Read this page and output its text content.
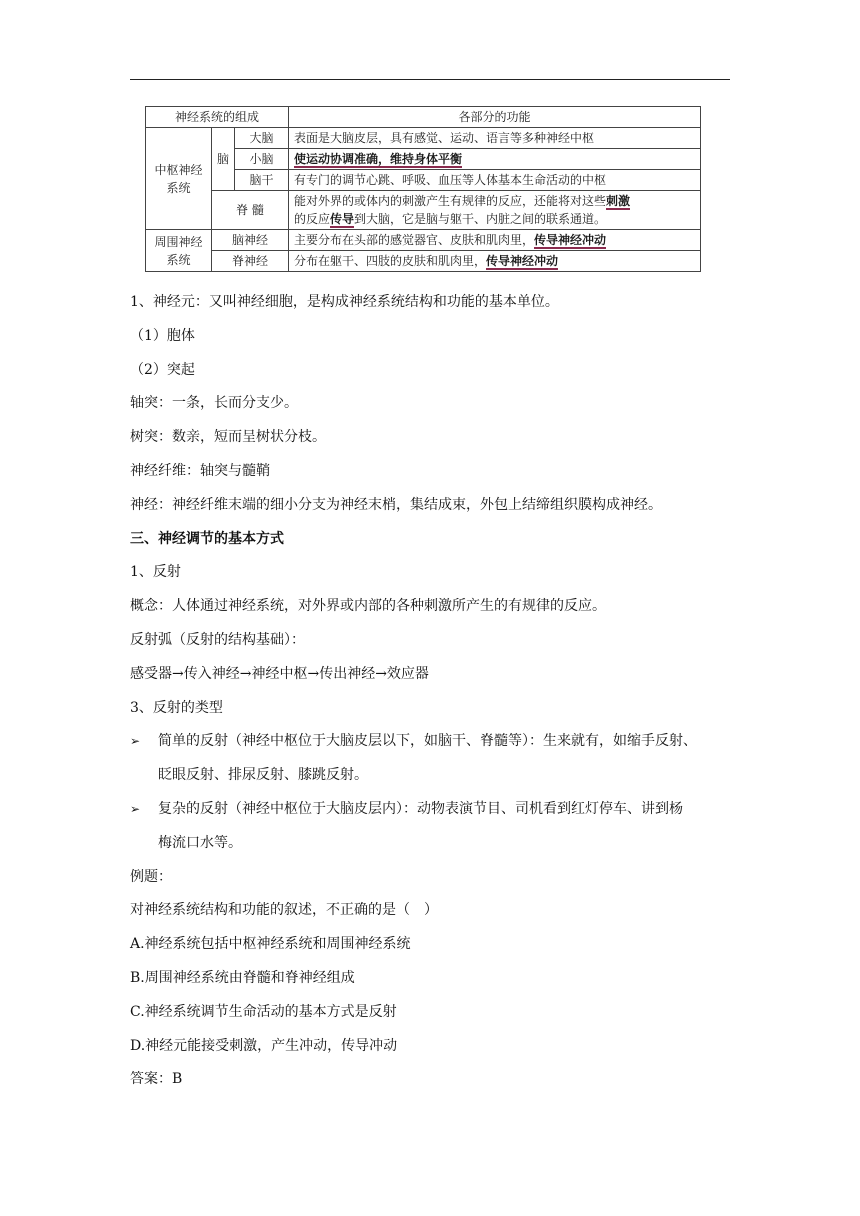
神经系统的组成			各部分的功能
中枢神经系统	脑	大脑	表面是大脑皮层，具有感觉、运动、语言等多种神经中枢
		小脑	使运动协调准确，维持身体平衡
		脑干	有专门的调节心跳、呼吸、血压等人体基本生命活动的中枢
	脊 髓		能对外界的或体内的刺激产生有规律的反应，还能将对这些刺激
的反应传导到大脑，它是脑与躯干、内脏之间的联系通道。
周围神经系统	脑神经		主要分布在头部的感觉器官、皮肤和肌肉里，传导神经冲动
	脊神经		分布在躯干、四肢的皮肤和肌肉里，传导神经冲动

1、神经元：又叫神经细胞，是构成神经系统结构和功能的基本单位。

（1）胞体

（2）突起

轴突：一条，长而分支少。

树突：数亲，短而呈树状分枝。

神经纤维：轴突与髓鞘

神经：神经纤维末端的细小分支为神经末梢，集结成束，外包上结缔组织膜构成神经。

三、神经调节的基本方式

1、反射

概念：人体通过神经系统，对外界或内部的各种刺激所产生的有规律的反应。

反射弧（反射的结构基础）：

感受器→传入神经→神经中枢→传出神经→效应器

3、反射的类型

➢ 简单的反射（神经中枢位于大脑皮层以下，如脑干、脊髓等）：生来就有，如缩手反射、

眨眼反射、排尿反射、膝跳反射。

➢ 复杂的反射（神经中枢位于大脑皮层内）：动物表演节目、司机看到红灯停车、讲到杨

梅流口水等。

例题：

对神经系统结构和功能的叙述，不正确的是（　）

A.神经系统包括中枢神经系统和周围神经系统

B.周围神经系统由脊髓和脊神经组成

C.神经系统调节生命活动的基本方式是反射

D.神经元能接受刺激，产生冲动，传导冲动

答案：B
